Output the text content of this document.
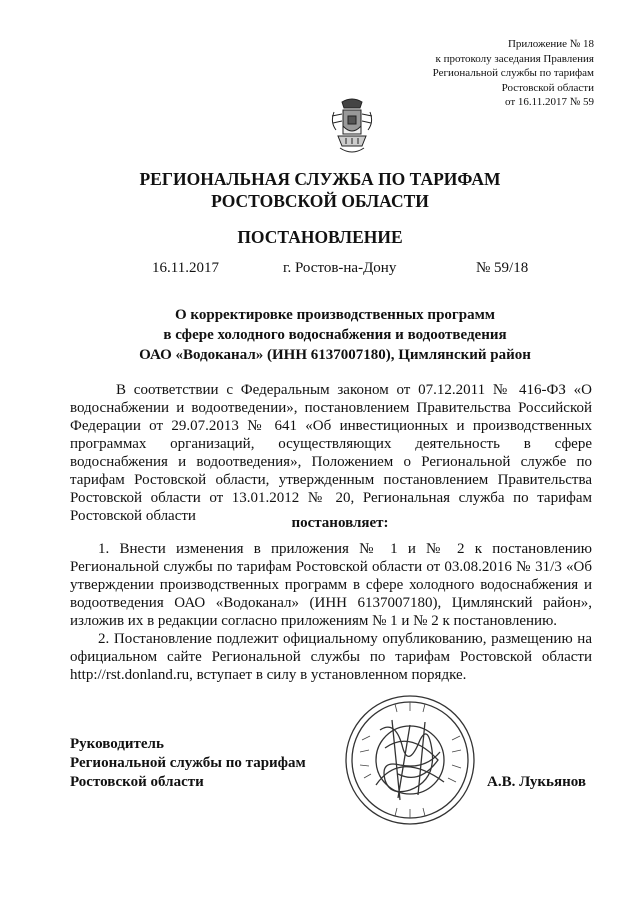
Приложение № 18
к протоколу заседания Правления
Региональной службы по тарифам
Ростовской области
от 16.11.2017 № 59
РЕГИОНАЛЬНАЯ СЛУЖБА ПО ТАРИФАМ
РОСТОВСКОЙ ОБЛАСТИ
ПОСТАНОВЛЕНИЕ
16.11.2017	г. Ростов-на-Дону	№ 59/18
О корректировке производственных программ
в сфере холодного водоснабжения и водоотведения
ОАО «Водоканал» (ИНН 6137007180), Цимлянский район
В соответствии с Федеральным законом от 07.12.2011 № 416-ФЗ «О водоснабжении и водоотведении», постановлением Правительства Российской Федерации от 29.07.2013 № 641 «Об инвестиционных и производственных программах организаций, осуществляющих деятельность в сфере водоснабжения и водоотведения», Положением о Региональной службе по тарифам Ростовской области, утвержденным постановлением Правительства Ростовской области от 13.01.2012 № 20, Региональная служба по тарифам Ростовской области	постановляет:
1. Внести изменения в приложения № 1 и № 2 к постановлению Региональной службы по тарифам Ростовской области от 03.08.2016 № 31/3 «Об утверждении производственных программ в сфере холодного водоснабжения и водоотведения ОАО «Водоканал» (ИНН 6137007180), Цимлянский район», изложив их в редакции согласно приложениям № 1 и № 2 к постановлению.
2. Постановление подлежит официальному опубликованию, размещению на официальном сайте Региональной службы по тарифам Ростовской области http://rst.donland.ru, вступает в силу в установленном порядке.
Руководитель
Региональной службы по тарифам
Ростовской области	А.В. Лукьянов
